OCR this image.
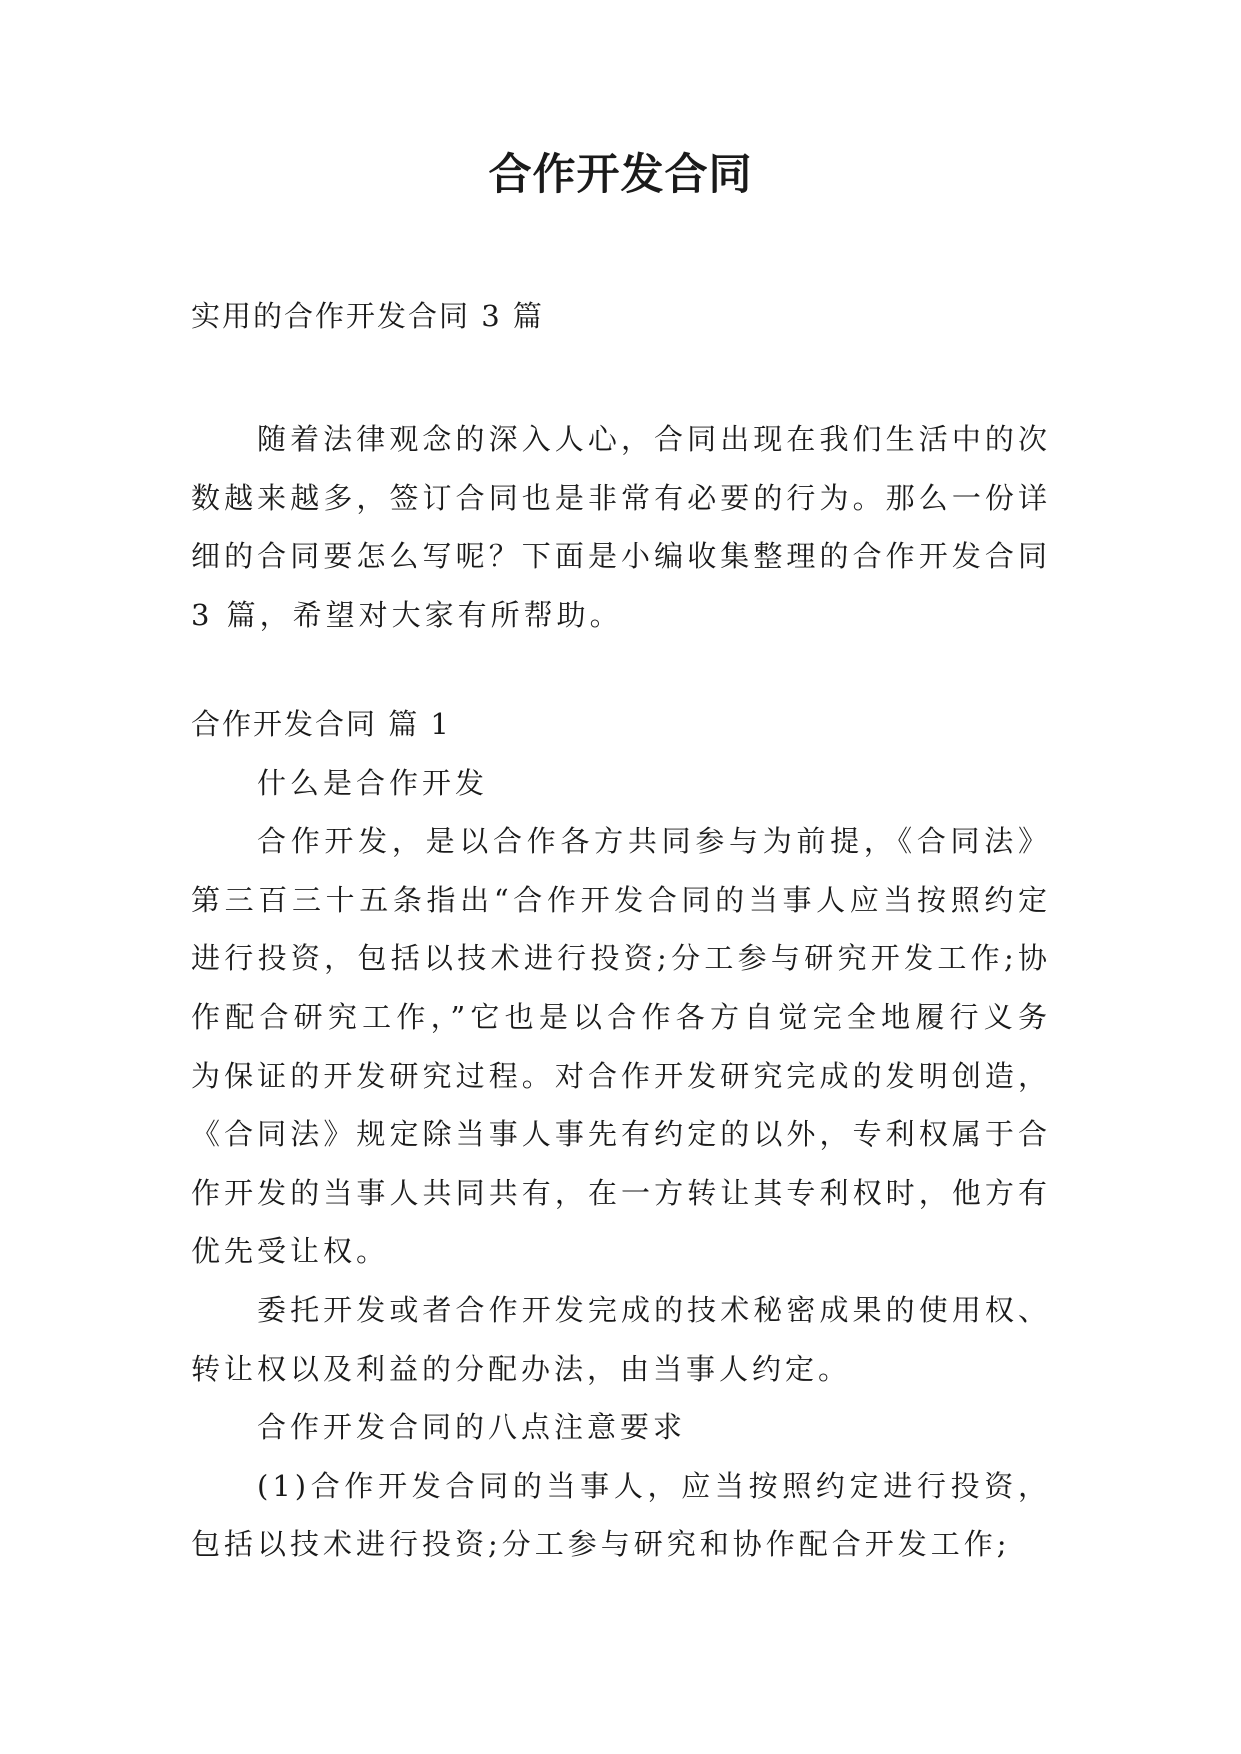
合作开发合同

实用的合作开发合同 3 篇

随着法律观念的深入人心，合同出现在我们生活中的次数越来越多，签订合同也是非常有必要的行为。那么一份详细的合同要怎么写呢？下面是小编收集整理的合作开发合同 3 篇，希望对大家有所帮助。

合作开发合同 篇 1

什么是合作开发

合作开发，是以合作各方共同参与为前提，《合同法》第三百三十五条指出“合作开发合同的当事人应当按照约定进行投资，包括以技术进行投资;分工参与研究开发工作;协作配合研究工作，”它也是以合作各方自觉完全地履行义务为保证的开发研究过程。对合作开发研究完成的发明创造，《合同法》规定除当事人事先有约定的以外，专利权属于合作开发的当事人共同共有，在一方转让其专利权时，他方有优先受让权。

委托开发或者合作开发完成的技术秘密成果的使用权、转让权以及利益的分配办法，由当事人约定。

合作开发合同的八点注意要求

(1)合作开发合同的当事人，应当按照约定进行投资，包括以技术进行投资;分工参与研究和协作配合开发工作;
